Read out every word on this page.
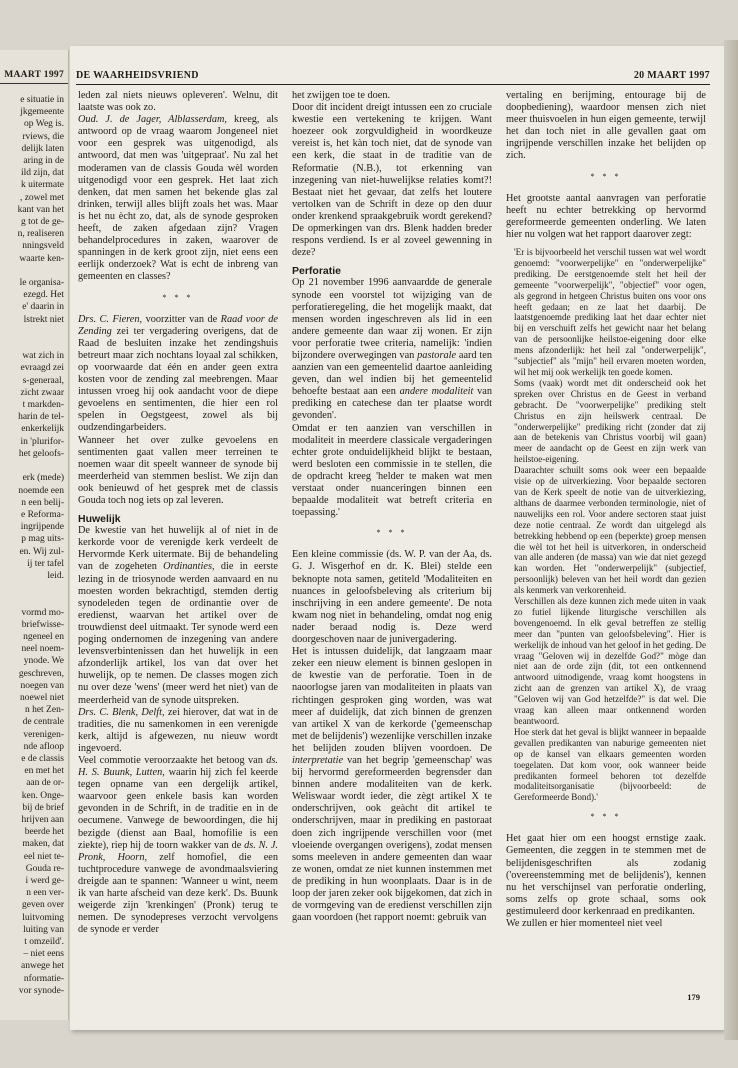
MAART 1997
e situatie in
jkgemeente
op Weg is.
rviews, die
delijk laten
aring in de
ild zijn, dat
k uitermate
, zowel met
kant van het
g tot de ge-
n, realiseren
nningsveld
waarte ken-

le organisa-
ezegd. Het
e' daarin in
lstrekt niet

wat zich in
evraagd zei
s-generaal,
zicht zwaar
t markden-
harin de tel-
enkerkelijk
in 'plurifor-
het geloofs-

erk (mede)
noemde een
n een belij-
e Reforma-
ingrijpende
p mag uits-
en. Wij zul-
ij ter tafel
leid.

vormd mo-
briefwisse-
ngeneel en
neel noem-
ynode. We
geschreven,
noegen van
noewel niet
n het Zen-
de centrale
verenigen-
nde afloop
e de classis
en met het
aan de or-
ken. Onge-
bij de brief
hrijven aan
beerde het
maken, dat
eel niet te-
Gouda re-
i werd ge-
n een ver-
geven over
luitvoming
luiting van
t omzeild'.
– niet eens
anwege het
nformatie-
vor synode-
DE WAARHEIDSVRIEND	20 MAART 1997

leden zal niets nieuws opleveren'. Welnu, dit laatste was ook zo.

Oud. J. de Jager, Alblasserdam, kreeg, als antwoord op de vraag waarom Jongeneel niet voor een gesprek was uitgenodigd, als antwoord, dat men was 'uitgepraat'. Nu zal het moderamen van de classis Gouda wèl worden uitgenodigd voor een gesprek. Het laat zich denken, dat men samen het bekende glas zal drinken, terwijl alles blijft zoals het was. Maar is het nu ècht zo, dat, als de synode gesproken heeft, de zaken afgedaan zijn? Vragen behandelprocedures in zaken, waarover de spanningen in de kerk groot zijn, niet eens een eerlijk onderzoek? Wat is echt de inbreng van gemeenten en classes?

* * *

Drs. C. Fieren, voorzitter van de Raad voor de Zending zei ter vergadering overigens, dat de Raad de besluiten inzake het zendingshuis betreurt maar zich nochtans loyaal zal schikken, op voorwaarde dat één en ander geen extra kosten voor de zending zal meebrengen. Maar intussen vroeg hij ook aandacht voor de diepe gevoelens en sentimenten, die hier een rol spelen in Oegstgeest, zowel als bij oudzendingarbeiders.

Wanneer het over zulke gevoelens en sentimenten gaat vallen meer terreinen te noemen waar dit speelt wanneer de synode bij meerderheid van stemmen beslist. We zijn dan ook benieuwd of het gesprek met de classis Gouda toch nog iets op zal leveren.

Huwelijk

De kwestie van het huwelijk al of niet in de kerkorde voor de verenigde kerk verdeelt de Hervormde Kerk uitermate. Bij de behandeling van de zogeheten Ordinanties, die in eerste lezing in de triosynode werden aanvaard en nu moesten worden bekrachtigd, stemden dertig synodeleden tegen de ordinantie over de eredienst, waarvan het artikel over de trouwdienst deel uitmaakt. Ter synode werd een poging ondernomen de inzegening van andere levensverbintenissen dan het huwelijk in een afzonderlijk artikel, los van dat over het huwelijk, op te nemen. De classes mogen zich nu over deze 'wens' (meer werd het niet) van de meerderheid van de synode uitspreken.

Drs. C. Blenk, Delft, zei hierover, dat wat in de tradities, die nu samenkomen in een verenigde kerk, altijd is afgewezen, nu nieuw wordt ingevoerd.

Veel commotie veroorzaakte het betoog van ds. H. S. Buunk, Lutten, waarin hij zich fel keerde tegen opname van een dergelijk artikel, waarvoor geen enkele basis kan worden gevonden in de Schrift, in de traditie en in de oecumene. Vanwege de bewoordingen, die hij bezigde (dienst aan Baal, homofilie is een ziekte), riep hij de toorn wakker van de ds. N. J. Pronk, Hoorn, zelf homofiel, die een tuchtprocedure vanwege de avondmaalsviering dreigde aan te spannen: 'Wanneer u wint, neem ik van harte afscheid van deze kerk'. Ds. Buunk weigerde zijn 'krenkingen' (Pronk) terug te nemen. De synodepreses verzocht vervolgens de synode er verder

het zwijgen toe te doen.

Door dit incident dreigt intussen een zo cruciale kwestie een vertekening te krijgen. Want hoezeer ook zorgvuldigheid in woordkeuze vereist is, het kàn toch niet, dat de synode van een kerk, die staat in de traditie van de Reformatie (N.B.), tot erkenning van inzegening van niet-huwelijkse relaties komt?! Bestaat niet het gevaar, dat zelfs het loutere vertolken van de Schrift in deze op den duur onder krenkend spraakgebruik wordt gerekend? De opmerkingen van drs. Blenk hadden breder respons verdiend. Is er al zoveel gewenning in deze?

Perforatie

Op 21 november 1996 aanvaardde de generale synode een voorstel tot wijziging van de perforatieregeling, die het mogelijk maakt, dat mensen worden ingeschreven als lid in een andere gemeente dan waar zij wonen. Er zijn voor perforatie twee criteria, namelijk: 'indien bijzondere overwegingen van pastorale aard ten aanzien van een gemeentelid daartoe aanleiding geven, dan wel indien bij het gemeentelid behoefte bestaat aan een andere modaliteit van prediking en catechese dan ter plaatse wordt gevonden'.

Omdat er ten aanzien van verschillen in modaliteit in meerdere classicale vergaderingen echter grote onduidelijkheid blijkt te bestaan, werd besloten een commissie in te stellen, die de opdracht kreeg 'helder te maken wat men verstaat onder nuanceringen binnen een bepaalde modaliteit wat betreft criteria en toepassing.'

* * *

Een kleine commissie (ds. W. P. van der Aa, ds. G. J. Wisgerhof en dr. K. Blei) stelde een beknopte nota samen, getiteld 'Modaliteiten en nuances in geloofsbeleving als criterium bij inschrijving in een andere gemeente'. De nota kwam nog niet in behandeling, omdat nog enig nader beraad nodig is. Deze werd doorgeschoven naar de junivergadering.

Het is intussen duidelijk, dat langzaam maar zeker een nieuw element is binnen geslopen in de kwestie van de perforatie. Toen in de naoorlogse jaren van modaliteiten in plaats van richtingen gesproken ging worden, was wat meer af duidelijk, dat zich binnen de grenzen van artikel X van de kerkorde ('gemeenschap met de belijdenis') wezenlijke verschillen inzake het belijden zouden blijven voordoen. De interpretatie van het begrip 'gemeenschap' was bij hervormd gereformeerden begrensder dan binnen andere modaliteiten van de kerk. Weliswaar wordt ieder, die zègt artikel X te onderschrijven, ook geàcht dit artikel te onderschrijven, maar in prediking en pastoraat doen zich ingrijpende verschillen voor (met vloeiende overgangen overigens), zodat mensen soms meeleven in andere gemeenten dan waar ze wonen, omdat ze niet kunnen instemmen met de prediking in hun woonplaats. Daar is in de loop der jaren zeker ook bijgekomen, dat zich in de vormgeving van de eredienst verschillen zijn gaan voordoen (het rapport noemt: gebruik van

vertaling en berijming, entourage bij de doopbediening), waardoor mensen zich niet meer thuisvoelen in hun eigen gemeente, terwijl het dan toch niet in alle gevallen gaat om ingrijpende verschillen inzake het belijden op zich.

* * *

Het grootste aantal aanvragen van perforatie heeft nu echter betrekking op hervormd gereformeerde gemeenten onderling. We laten hier nu volgen wat het rapport daarover zegt:

'Er is bijvoorbeeld het verschil tussen wat wel wordt genoemd: "voorwerpelijke" en "onderwerpelijke" prediking. De eerstgenoemde stelt het heil der gemeente "voorwerpelijk", "objectief" voor ogen, als gegrond in hetgeen Christus buiten ons voor ons heeft gedaan; en ze laat het daarbij. De laatstgenoemde prediking laat het daar echter niet bij en verschuift zelfs het gewicht naar het belang van de persoonlijke heilstoe-eigening door elke mens afzonderlijk: het heil zal "onderwerpelijk", "subjectief" als "mijn" heil ervaren moeten worden, wil het mij ook werkelijk ten goede komen.

Soms (vaak) wordt met dit onderscheid ook het spreken over Christus en de Geest in verband gebracht. De "voorwerpelijke" prediking stelt Christus en zijn heilswerk centraal. De "onderwerpelijke" prediking richt (zonder dat zij aan de betekenis van Christus voorbij wil gaan) meer de aandacht op de Geest en zijn werk van heilstoe-eigening.

Daarachter schuilt soms ook weer een bepaalde visie op de uitverkiezing. Voor bepaalde sectoren van de Kerk speelt de notie van de uitverkiezing, althans de daarmee verbonden terminologie, niet of nauwelijks een rol. Voor andere sectoren staat juist deze notie centraal. Ze wordt dan uitgelegd als betrekking hebbend op een (beperkte) groep mensen die wèl tot het heil is uitverkoren, in onderscheid van alle anderen (de massa) van wie dat niet gezegd kan worden. Het "onderwerpelijk" (subjectief, persoonlijk) beleven van het heil wordt dan gezien als kenmerk van verkorenheid.

Verschillen als deze kunnen zich mede uiten in vaak zo futiel lijkende liturgische verschillen als bovengenoemd. In elk geval betreffen ze stellig meer dan "punten van geloofsbeleving". Hier is werkelijk de inhoud van het geloof in het geding. De vraag "Geloven wij in dezelfde God?" mòge dan niet aan de orde zijn (dit, tot een ontkennend antwoord uitnodigende, vraag komt hoogstens in zicht aan de grenzen van artikel X), de vraag "Geloven wij van God hetzelfde?" is dat wel. Die vraag kan alleen maar ontkennend worden beantwoord.

Hoe sterk dat het geval is blijkt wanneer in bepaalde gevallen predikanten van naburige gemeenten niet op de kansel van elkaars gemeenten worden toegelaten. Dat kom voor, ook wanneer beide predikanten formeel behoren tot dezelfde modaliteitsorganisatie (bijvoorbeeld: de Gereformeerde Bond).'

* * *

Het gaat hier om een hoogst ernstige zaak. Gemeenten, die zeggen in te stemmen met de belijdenisgeschriften als zodanig ('overeenstemming met de belijdenis'), kennen nu het verschijnsel van perforatie onderling, soms zelfs op grote schaal, soms ook gestimuleerd door kerkenraad en predikanten.

We zullen er hier momenteel niet veel

179
